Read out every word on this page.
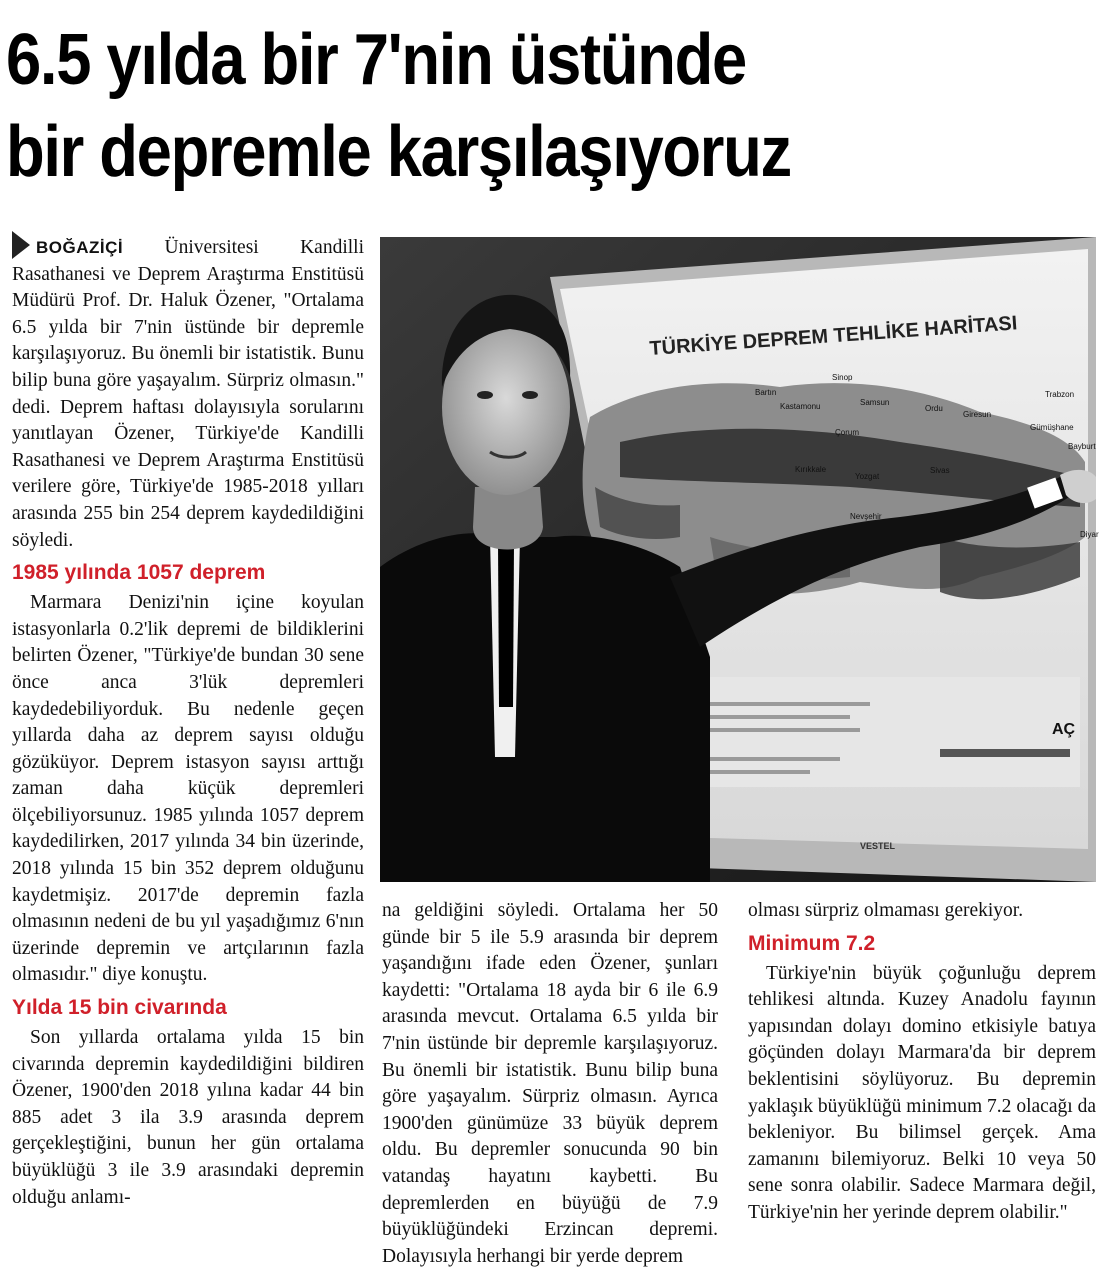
6.5 yılda bir 7'nin üstünde
bir depremle karşılaşıyoruz

BOĞAZİÇİ Üniversitesi Kandilli Rasathanesi ve Deprem Araştırma Enstitüsü Müdürü Prof. Dr. Haluk Özener, "Ortalama 6.5 yılda bir 7'nin üstünde bir depremle karşılaşıyoruz. Bu önemli bir istatistik. Bunu bilip buna göre yaşayalım. Sürpriz olmasın." dedi. Deprem haftası dolayısıyla sorularını yanıtlayan Özener, Türkiye'de Kandilli Rasathanesi ve Deprem Araştırma Enstitüsü verilere göre, Türkiye'de 1985-2018 yılları arasında 255 bin 254 deprem kaydedildiğini söyledi.

1985 yılında 1057 deprem

Marmara Denizi'nin içine koyulan istasyonlarla 0.2'lik depremi de bildiklerini belirten Özener, "Türkiye'de bundan 30 sene önce anca 3'lük depremleri kaydedebiliyorduk. Bu nedenle geçen yıllarda daha az deprem sayısı olduğu gözüküyor. Deprem istasyon sayısı arttığı zaman daha küçük depremleri ölçebiliyorsunuz. 1985 yılında 1057 deprem kaydedilirken, 2017 yılında 34 bin üzerinde, 2018 yılında 15 bin 352 deprem olduğunu kaydetmişiz. 2017'de depremin fazla olmasının nedeni de bu yıl yaşadığımız 6'nın üzerinde depremin ve artçılarının fazla olmasıdır." diye konuştu.

Yılda 15 bin civarında

Son yıllarda ortalama yılda 15 bin civarında depremin kaydedildiğini bildiren Özener, 1900'den 2018 yılına kadar 44 bin 885 adet 3 ila 3.9 arasında deprem gerçekleştiğini, bunun her gün ortalama büyüklüğü 3 ile 3.9 arasındaki depremin olduğu anlamı-

TÜRKİYE DEPREM TEHLİKE HARİTASI
Bartın
Sinop
Kastamonu	Samsun
Ordu
Giresun
Trabzon
Gümüşhane
Bayburt
Çorum
Kırıkkale
Yozgat
Sivas
Nevşehir
Diyar
AÇ
VESTEL

na geldiğini söyledi. Ortalama her 50 günde bir 5 ile 5.9 arasında bir deprem yaşandığını ifade eden Özener, şunları kaydetti: "Ortalama 18 ayda bir 6 ile 6.9 arasında mevcut. Ortalama 6.5 yılda bir 7'nin üstünde bir depremle karşılaşıyoruz. Bu önemli bir istatistik. Bunu bilip buna göre yaşayalım. Sürpriz olmasın. Ayrıca 1900'den günümüze 33 büyük deprem oldu. Bu depremler sonucunda 90 bin vatandaş hayatını kaybetti. Bu depremlerden en büyüğü de 7.9 büyüklüğündeki Erzincan depremi. Dolayısıyla herhangi bir yerde deprem

olması sürpriz olmaması gerekiyor.

Minimum 7.2

Türkiye'nin büyük çoğunluğu deprem tehlikesi altında. Kuzey Anadolu fayının yapısından dolayı domino etkisiyle batıya göçünden dolayı Marmara'da bir deprem beklentisini söylüyoruz. Bu depremin yaklaşık büyüklüğü minimum 7.2 olacağı da bekleniyor. Bu bilimsel gerçek. Ama zamanını bilemiyoruz. Belki 10 veya 50 sene sonra olabilir. Sadece Marmara değil, Türkiye'nin her yerinde deprem olabilir."
